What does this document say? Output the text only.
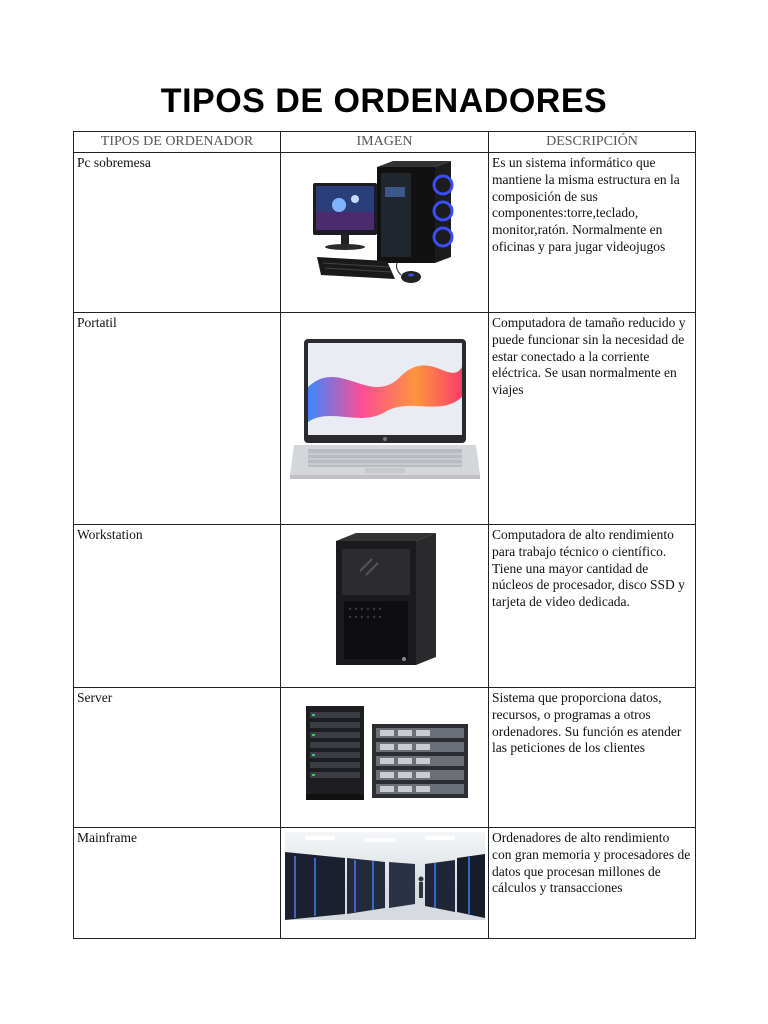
TIPOS DE ORDENADORES
TIPOS DE ORDENADOR	IMAGEN	DESCRIPCIÓN
Pc sobremesa		Es un sistema informático que mantiene la misma estructura en la composición de sus componentes:torre,teclado, monitor,ratón. Normalmente en oficinas y para jugar videojugos
Portatil		Computadora de tamaño reducido y puede funcionar sin la necesidad de estar conectado a la corriente eléctrica. Se usan normalmente en viajes
Workstation		Computadora de alto rendimiento para trabajo técnico o científico. Tiene una mayor cantidad de núcleos de procesador, disco SSD y tarjeta de video dedicada.
Server		Sistema que proporciona datos, recursos, o programas a otros ordenadores. Su función es atender las peticiones de los clientes
Mainframe		Ordenadores de alto rendimiento con gran memoria y procesadores de datos que procesan millones de cálculos y transacciones
